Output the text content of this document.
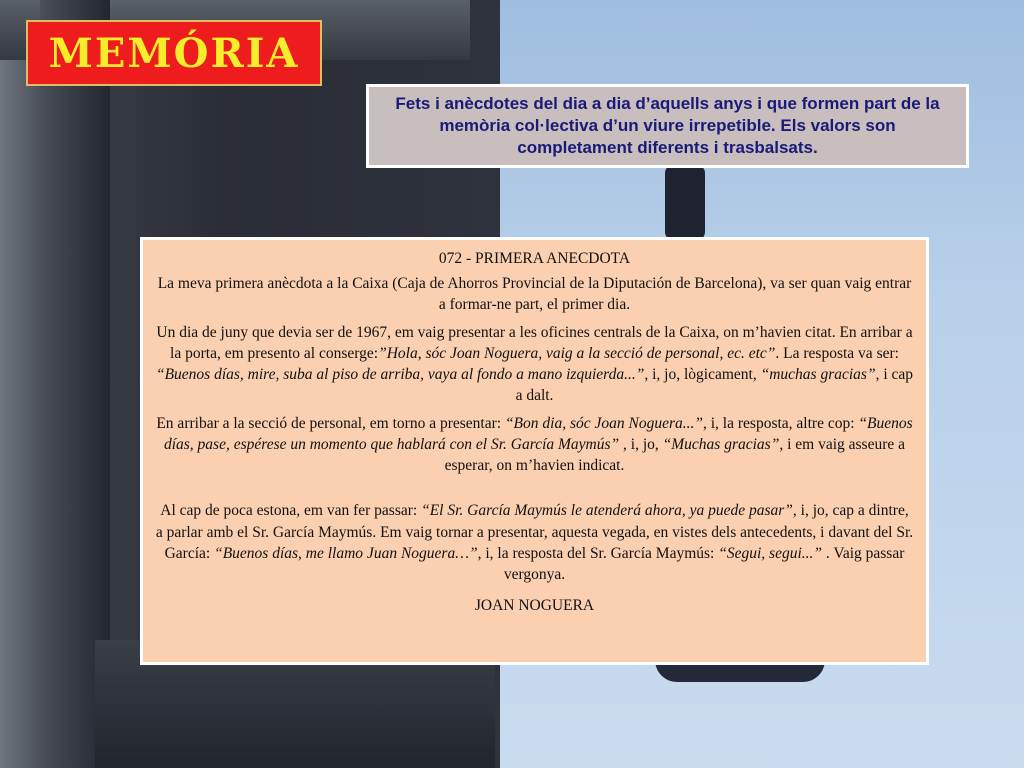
MEMÓRIA

Fets i anècdotes del dia a dia d’aquells anys i que formen part de la memòria col·lectiva d’un viure irrepetible. Els valors son completament diferents i trasbalsats.

072 - PRIMERA ANECDOTA

La meva primera anècdota a la Caixa (Caja de Ahorros Provincial de la Diputación de Barcelona), va ser quan vaig entrar a formar-ne part, el primer dia.

Un dia de juny que devia ser de 1967, em vaig presentar a les oficines centrals de la Caixa, on m’havien citat. En arribar a la porta, em presento al conserge:”Hola, sóc Joan Noguera, vaig a la secció de personal, ec. etc”. La resposta va ser: “Buenos días, mire, suba al piso de arriba, vaya al fondo a mano izquierda...”, i, jo, lògicament, “muchas gracias”, i cap a dalt.

En arribar a la secció de personal, em torno a presentar: “Bon dia, sóc Joan Noguera...”, i, la resposta, altre cop: “Buenos días, pase, espérese un momento que hablará con el Sr. García Maymús” , i, jo, “Muchas gracias”, i em vaig asseure a esperar, on m’havien indicat.

Al cap de poca estona, em van fer passar: “El Sr. García Maymús le atenderá ahora, ya puede pasar”, i, jo, cap a dintre, a parlar amb el Sr. García Maymús. Em vaig tornar a presentar, aquesta vegada, en vistes dels antecedents, i davant del Sr. García: “Buenos días, me llamo Juan Noguera…”, i, la resposta del Sr. García Maymús: “Segui, segui...” . Vaig passar vergonya.

JOAN NOGUERA
